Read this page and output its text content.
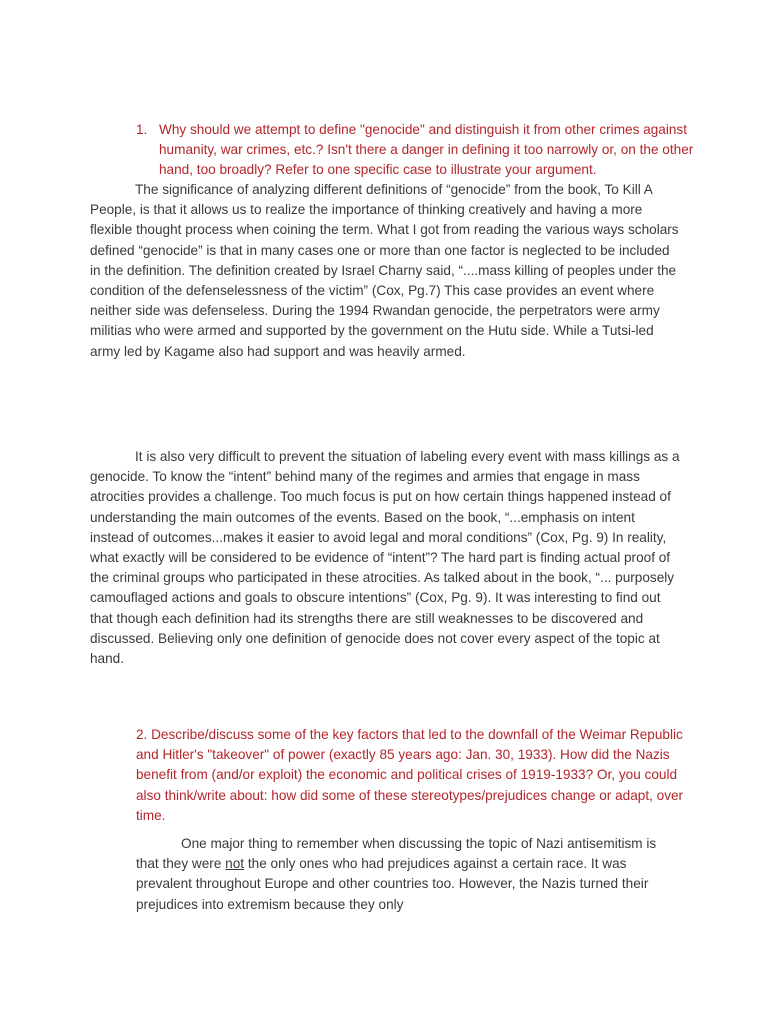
1. Why should we attempt to define "genocide" and distinguish it from other crimes against humanity, war crimes, etc.? Isn't there a danger in defining it too narrowly or, on the other hand, too broadly? Refer to one specific case to illustrate your argument.

The significance of analyzing different definitions of “genocide” from the book, To Kill A People, is that it allows us to realize the importance of thinking creatively and having a more flexible thought process when coining the term. What I got from reading the various ways scholars defined “genocide” is that in many cases one or more than one factor is neglected to be included in the definition. The definition created by Israel Charny said, “....mass killing of peoples under the condition of the defenselessness of the victim” (Cox, Pg.7) This case provides an event where neither side was defenseless. During the 1994 Rwandan genocide, the perpetrators were army militias who were armed and supported by the government on the Hutu side. While a Tutsi-led army led by Kagame also had support and was heavily armed.

It is also very difficult to prevent the situation of labeling every event with mass killings as a genocide. To know the “intent” behind many of the regimes and armies that engage in mass atrocities provides a challenge. Too much focus is put on how certain things happened instead of understanding the main outcomes of the events. Based on the book, “...emphasis on intent instead of outcomes...makes it easier to avoid legal and moral conditions” (Cox, Pg. 9) In reality, what exactly will be considered to be evidence of “intent”? The hard part is finding actual proof of the criminal groups who participated in these atrocities. As talked about in the book, “... purposely camouflaged actions and goals to obscure intentions” (Cox, Pg. 9). It was interesting to find out that though each definition had its strengths there are still weaknesses to be discovered and discussed. Believing only one definition of genocide does not cover every aspect of the topic at hand.

2. Describe/discuss some of the key factors that led to the downfall of the Weimar Republic and Hitler's "takeover" of power (exactly 85 years ago: Jan. 30, 1933). How did the Nazis benefit from (and/or exploit) the economic and political crises of 1919-1933? Or, you could also think/write about: how did some of these stereotypes/prejudices change or adapt, over time.

One major thing to remember when discussing the topic of Nazi antisemitism is that they were not the only ones who had prejudices against a certain race. It was prevalent throughout Europe and other countries too. However, the Nazis turned their prejudices into extremism because they only
